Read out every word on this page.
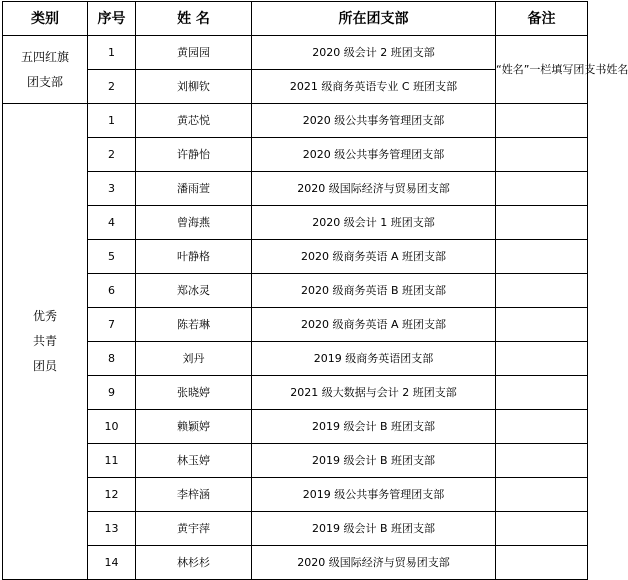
类别	序号	姓 名	所在团支部	备注

五四红旗
团支部	1	黄园园	2020 级会计 2 班团支部	“姓名”一栏填写团支书姓名
	2	刘柳钦	2021 级商务英语专业 C 班团支部	

优秀
共青
团员	1	黄芯悦	2020 级公共事务管理团支部	
	2	许静怡	2020 级公共事务管理团支部	
	3	潘雨萱	2020 级国际经济与贸易团支部	
	4	曾海燕	2020 级会计 1 班团支部	
	5	叶静格	2020 级商务英语 A 班团支部	
	6	郑冰灵	2020 级商务英语 B 班团支部	
	7	陈若琳	2020 级商务英语 A 班团支部	
	8	刘丹	2019 级商务英语团支部	
	9	张晓婷	2021 级大数据与会计 2 班团支部	
	10	赖颖婷	2019 级会计 B 班团支部	
	11	林玉婷	2019 级会计 B 班团支部	
	12	李梓涵	2019 级公共事务管理团支部	
	13	黄宇萍	2019 级会计 B 班团支部	
	14	林杉杉	2020 级国际经济与贸易团支部	
